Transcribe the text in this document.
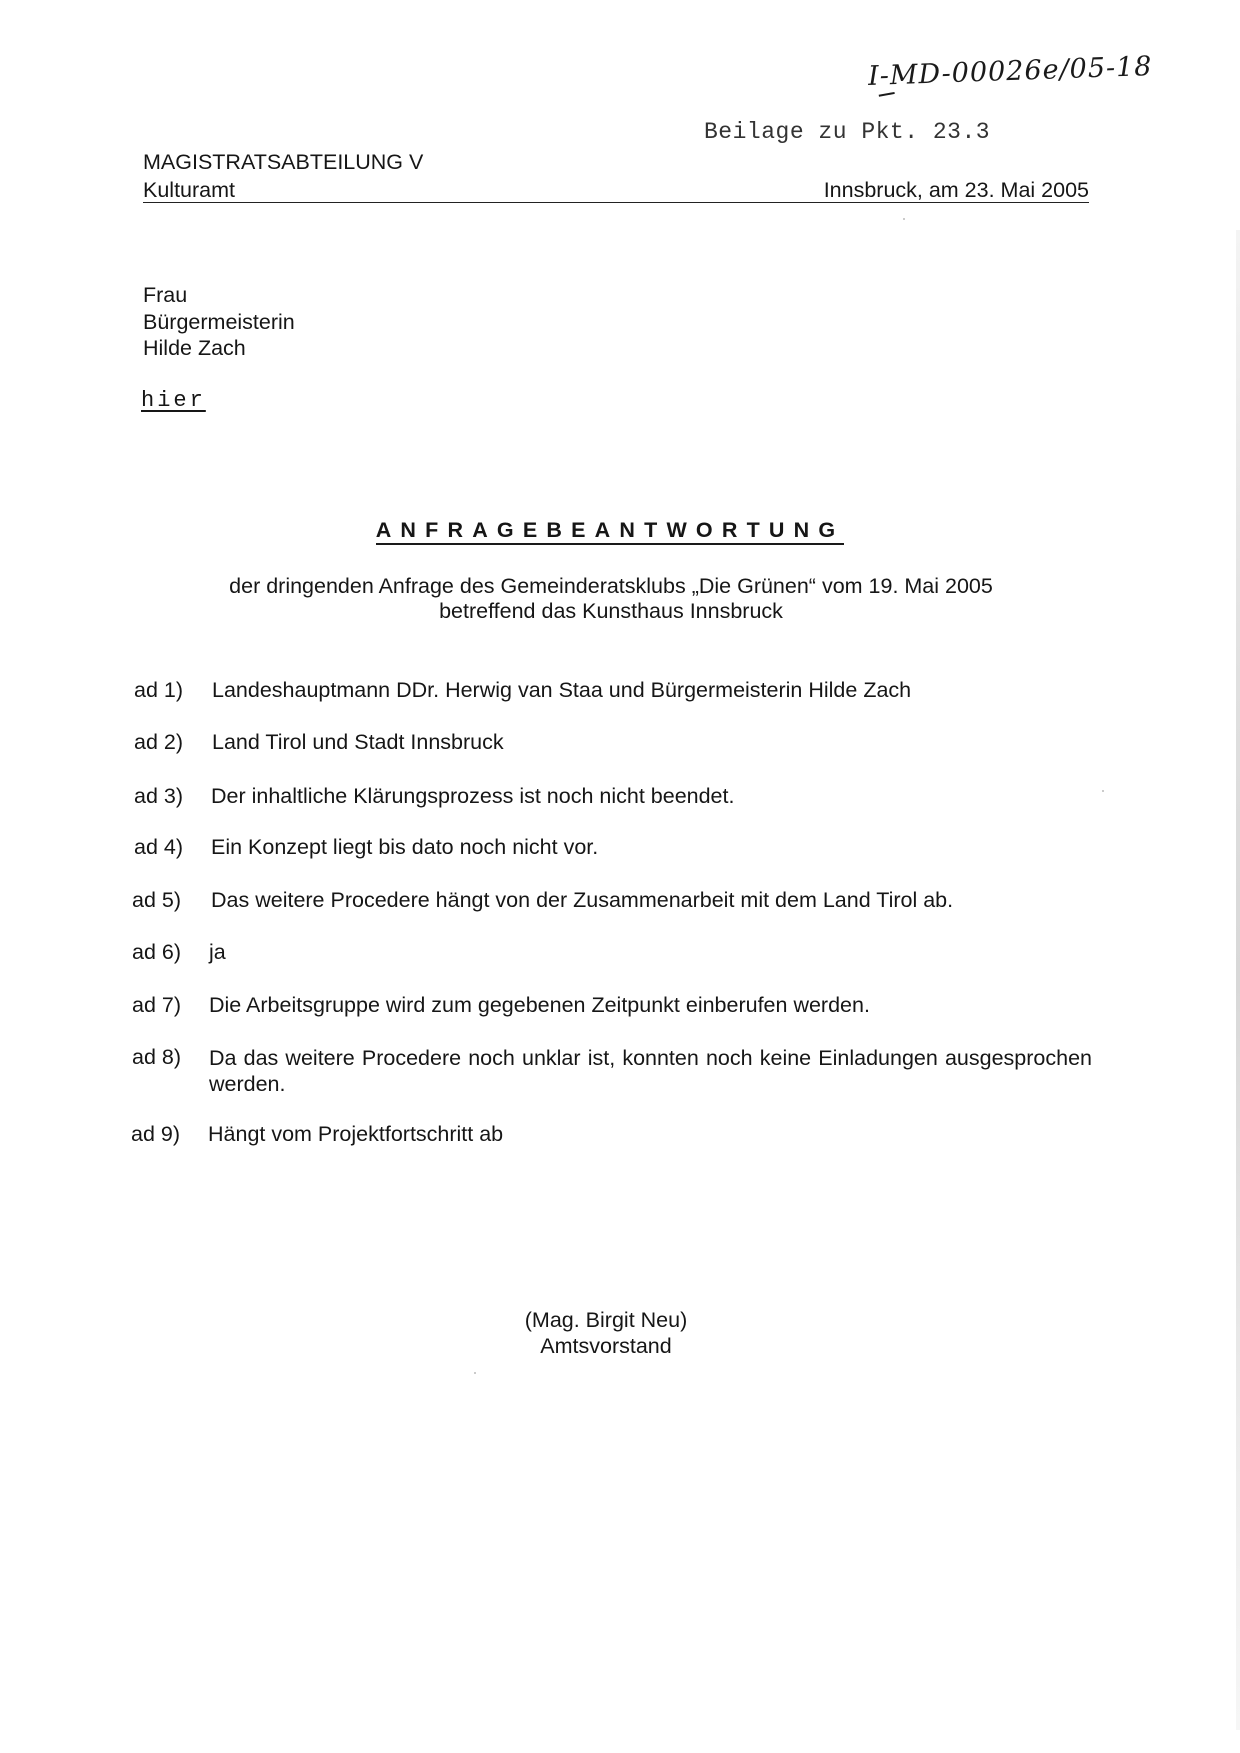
I-MD-00026e/05-18
Beilage zu Pkt. 23.3
MAGISTRATSABTEILUNG V
Kulturamt	Innsbruck, am 23. Mai 2005
Frau
Bürgermeisterin
Hilde Zach
hier
ANFRAGEBEANTWORTUNG
der dringenden Anfrage des Gemeinderatsklubs „Die Grünen“ vom 19. Mai 2005
betreffend das Kunsthaus Innsbruck
ad 1) Landeshauptmann DDr. Herwig van Staa und Bürgermeisterin Hilde Zach
ad 2) Land Tirol und Stadt Innsbruck
ad 3) Der inhaltliche Klärungsprozess ist noch nicht beendet.
ad 4) Ein Konzept liegt bis dato noch nicht vor.
ad 5) Das weitere Procedere hängt von der Zusammenarbeit mit dem Land Tirol ab.
ad 6) ja
ad 7) Die Arbeitsgruppe wird zum gegebenen Zeitpunkt einberufen werden.
ad 8) Da das weitere Procedere noch unklar ist, konnten noch keine Einladungen ausgesprochen werden.
ad 9) Hängt vom Projektfortschritt ab
(Mag. Birgit Neu)
Amtsvorstand
